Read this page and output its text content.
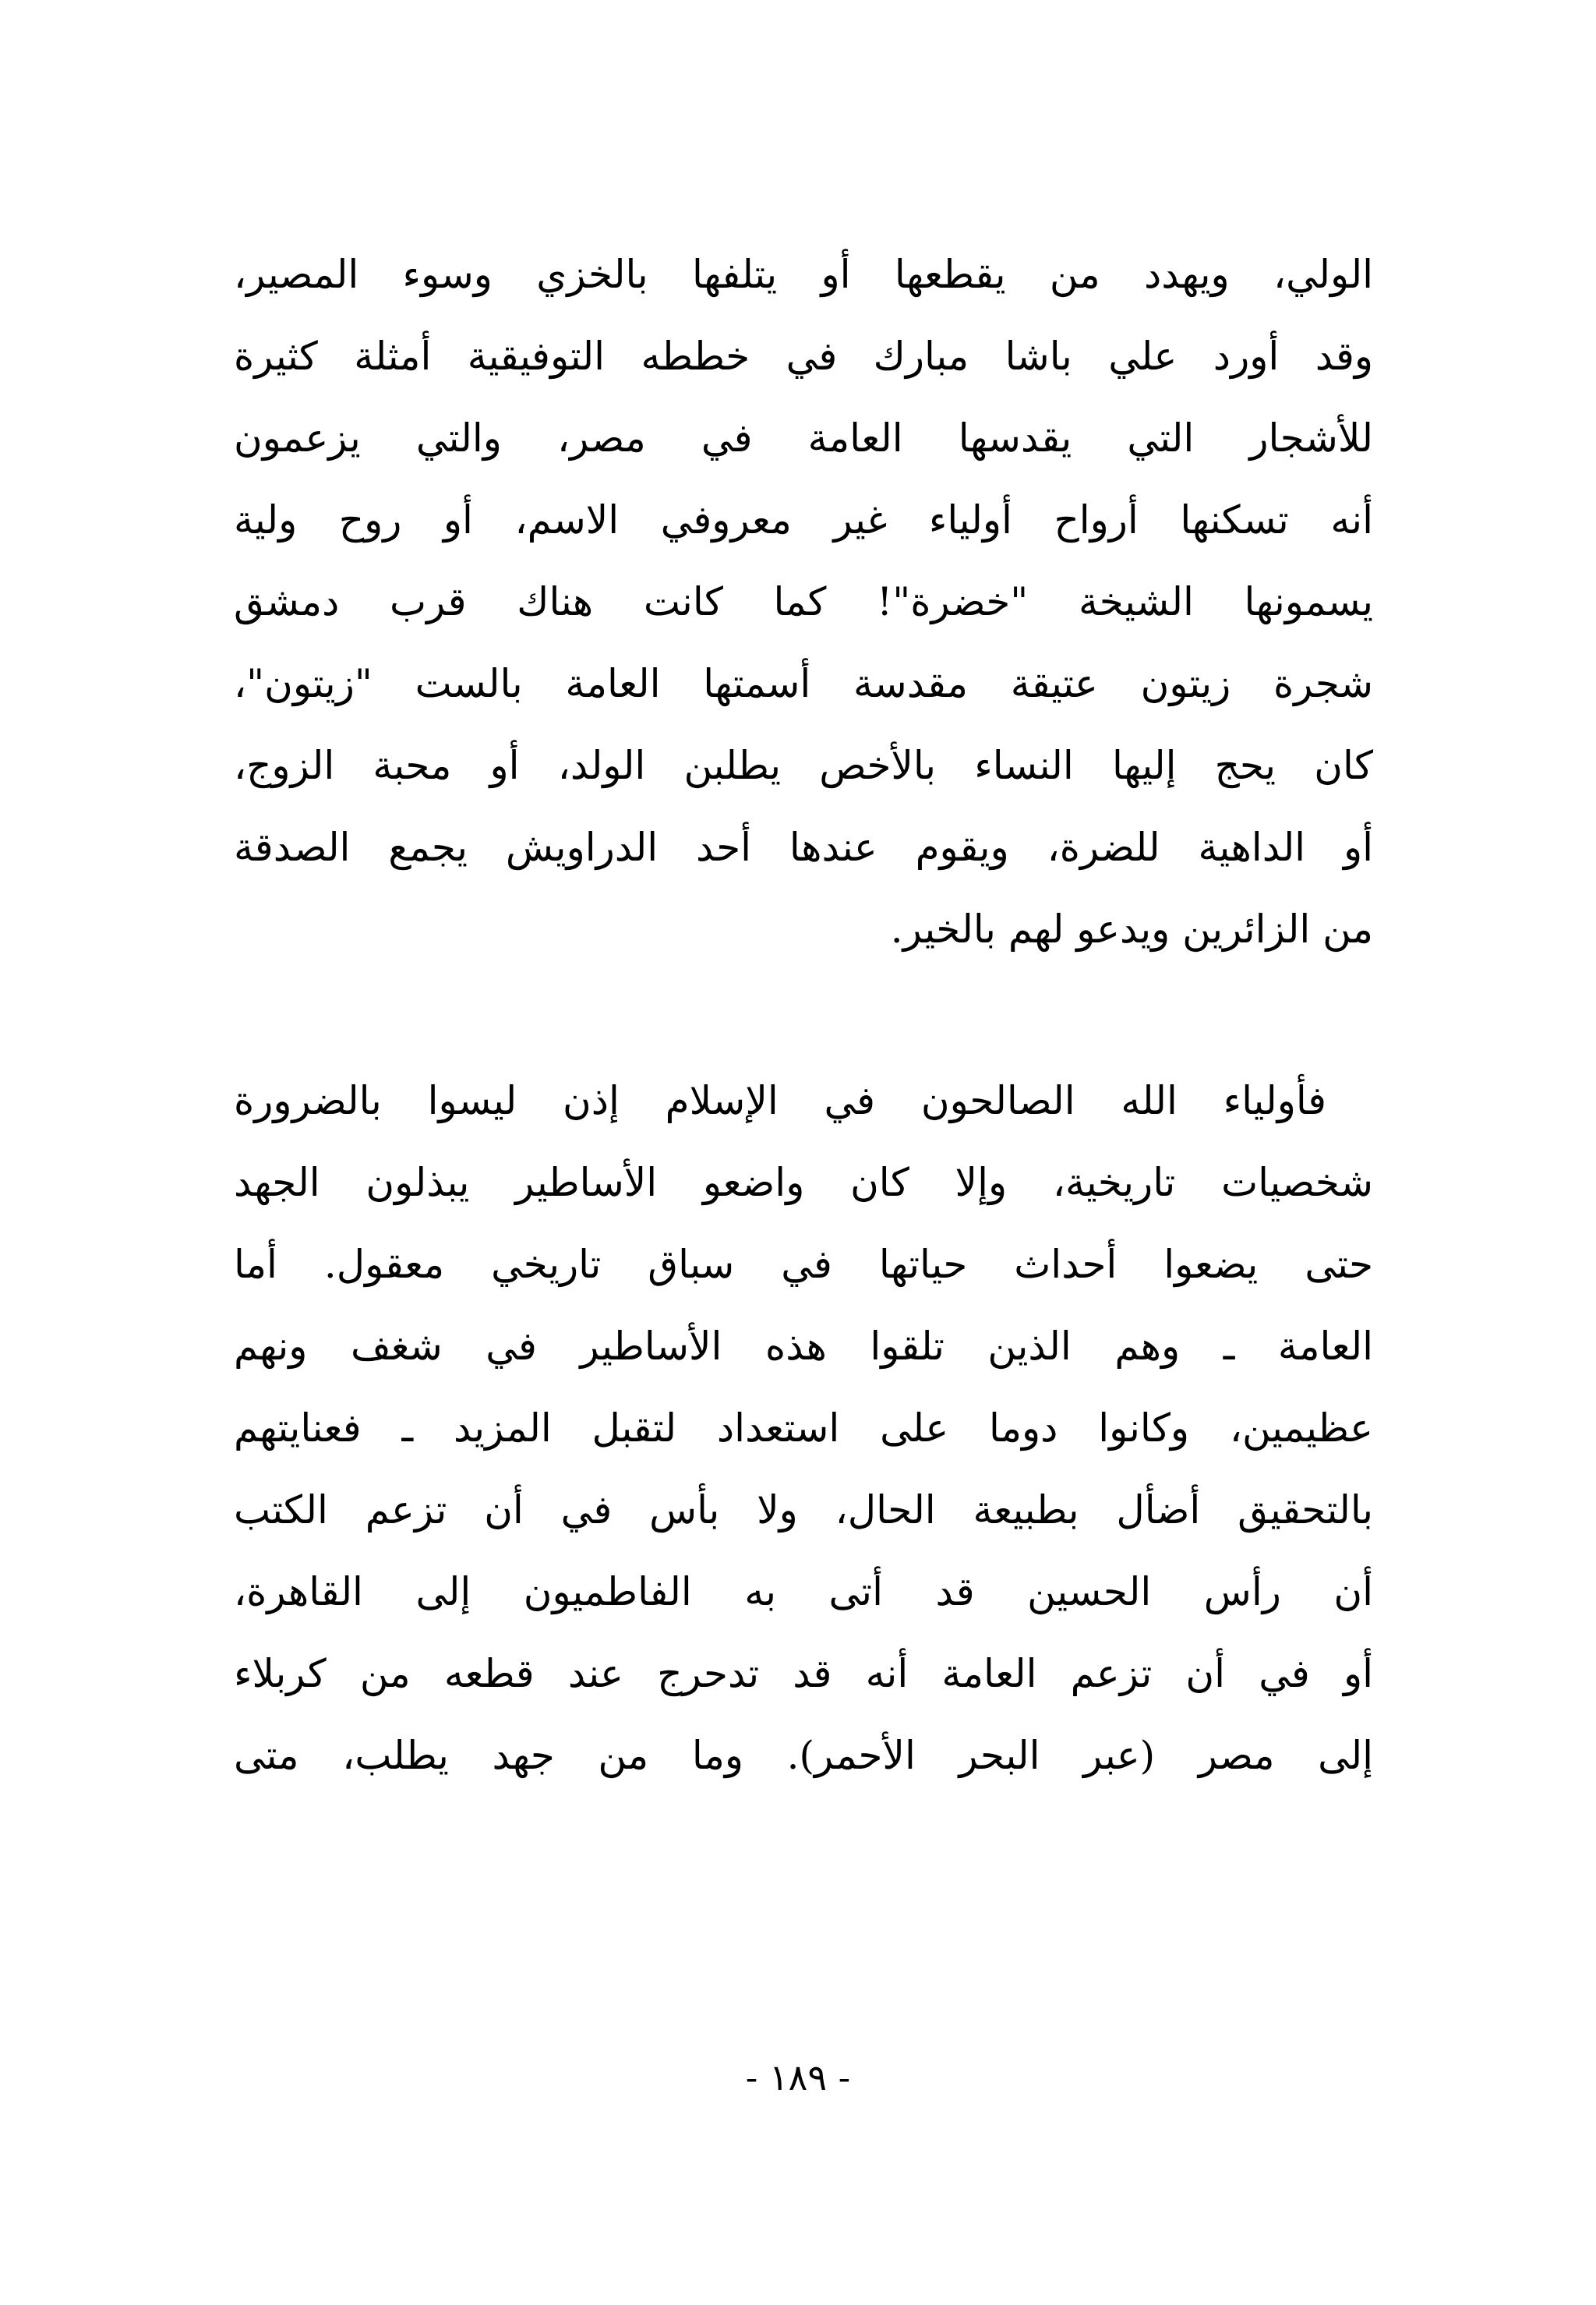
الولي، ويهدد من يقطعها أو يتلفها بالخزي وسوء المصير،
وقد أورد علي باشا مبارك في خططه التوفيقية أمثلة كثيرة
للأشجار التي يقدسها العامة في مصر، والتي يزعمون
أنه تسكنها أرواح أولياء غير معروفي الاسم، أو روح ولية
يسمونها الشيخة "خضرة"! كما كانت هناك قرب دمشق
شجرة زيتون عتيقة مقدسة أسمتها العامة بالست "زيتون"،
كان يحج إليها النساء بالأخص يطلبن الولد، أو محبة الزوج،
أو الداهية للضرة، ويقوم عندها أحد الدراويش يجمع الصدقة
من الزائرين ويدعو لهم بالخير.
فأولياء الله الصالحون في الإسلام إذن ليسوا بالضرورة
شخصيات تاريخية، وإلا كان واضعو الأساطير يبذلون الجهد
حتى يضعوا أحداث حياتها في سباق تاريخي معقول. أما
العامة ـ وهم الذين تلقوا هذه الأساطير في شغف ونهم
عظيمين، وكانوا دوما على استعداد لتقبل المزيد ـ فعنايتهم
بالتحقيق أضأل بطبيعة الحال، ولا بأس في أن تزعم الكتب
أن رأس الحسين قد أتى به الفاطميون إلى القاهرة،
أو في أن تزعم العامة أنه قد تدحرج عند قطعه من كربلاء
إلى مصر (عبر البحر الأحمر). وما من جهد يطلب، متى
- ١٨٩ -
